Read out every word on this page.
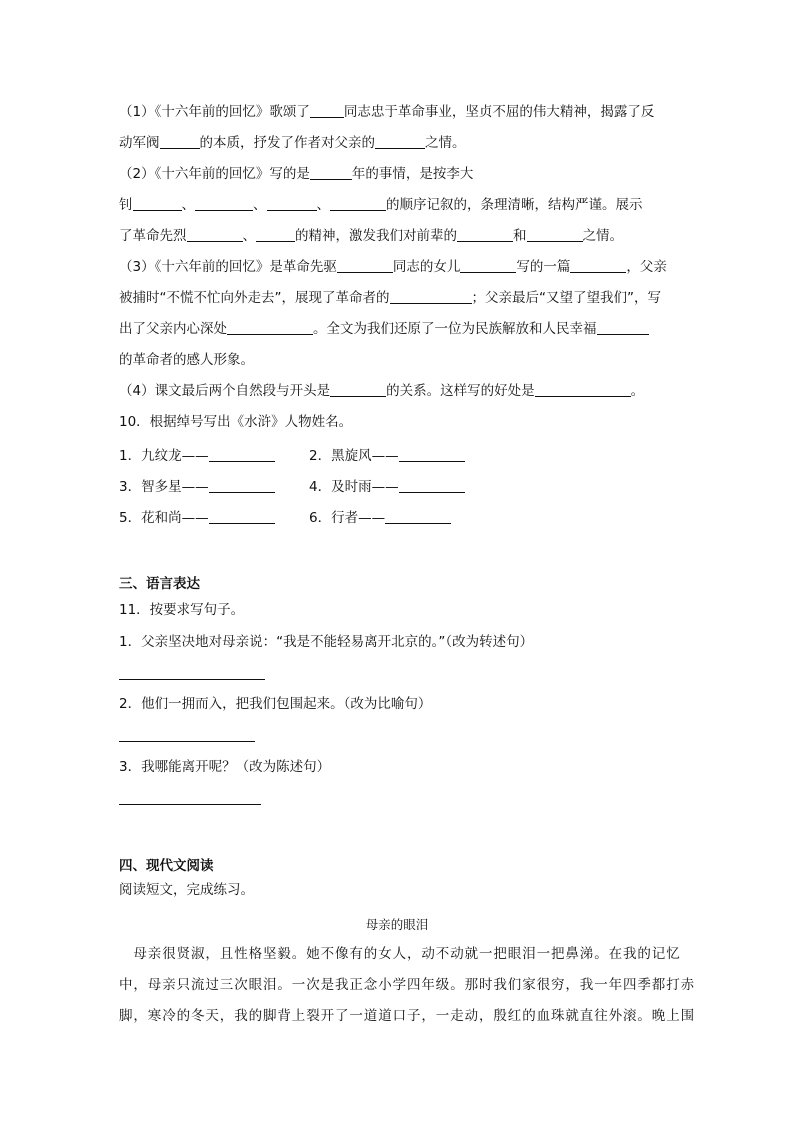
（1）《十六年前的回忆》歌颂了	同志忠于革命事业，坚贞不屈的伟大精神，揭露了反
动军阀	的本质，抒发了作者对父亲的	之情。
（2）《十六年前的回忆》写的是	年的事情，是按李大
钊	、	、	、	的顺序记叙的，条理清晰，结构严谨。展示
了革命先烈	、	的精神，激发我们对前辈的	和	之情。
（3）《十六年前的回忆》是革命先驱	同志的女儿	写的一篇	，父亲
被捕时“不慌不忙向外走去”，展现了革命者的	；父亲最后“又望了望我们”，写
出了父亲内心深处	。全文为我们还原了一位为民族解放和人民幸福
的革命者的感人形象。
（4）课文最后两个自然段与开头是	的关系。这样写的好处是	。
10．根据绰号写出《水浒》人物姓名。
1．九纹龙——	2．黑旋风——
3．智多星——	4．及时雨——
5．花和尚——	6．行者——
三、语言表达
11．按要求写句子。
1．父亲坚决地对母亲说：“我是不能轻易离开北京的。”（改为转述句）
2．他们一拥而入，把我们包围起来。（改为比喻句）
3．我哪能离开呢？（改为陈述句）
四、现代文阅读
阅读短文，完成练习。
母亲的眼泪
　母亲很贤淑，且性格坚毅。她不像有的女人，动不动就一把眼泪一把鼻涕。在我的记忆
中，母亲只流过三次眼泪。一次是我正念小学四年级。那时我们家很穷，我一年四季都打赤
脚，寒冷的冬天，我的脚背上裂开了一道道口子，一走动，殷红的血珠就直往外滚。晚上围
